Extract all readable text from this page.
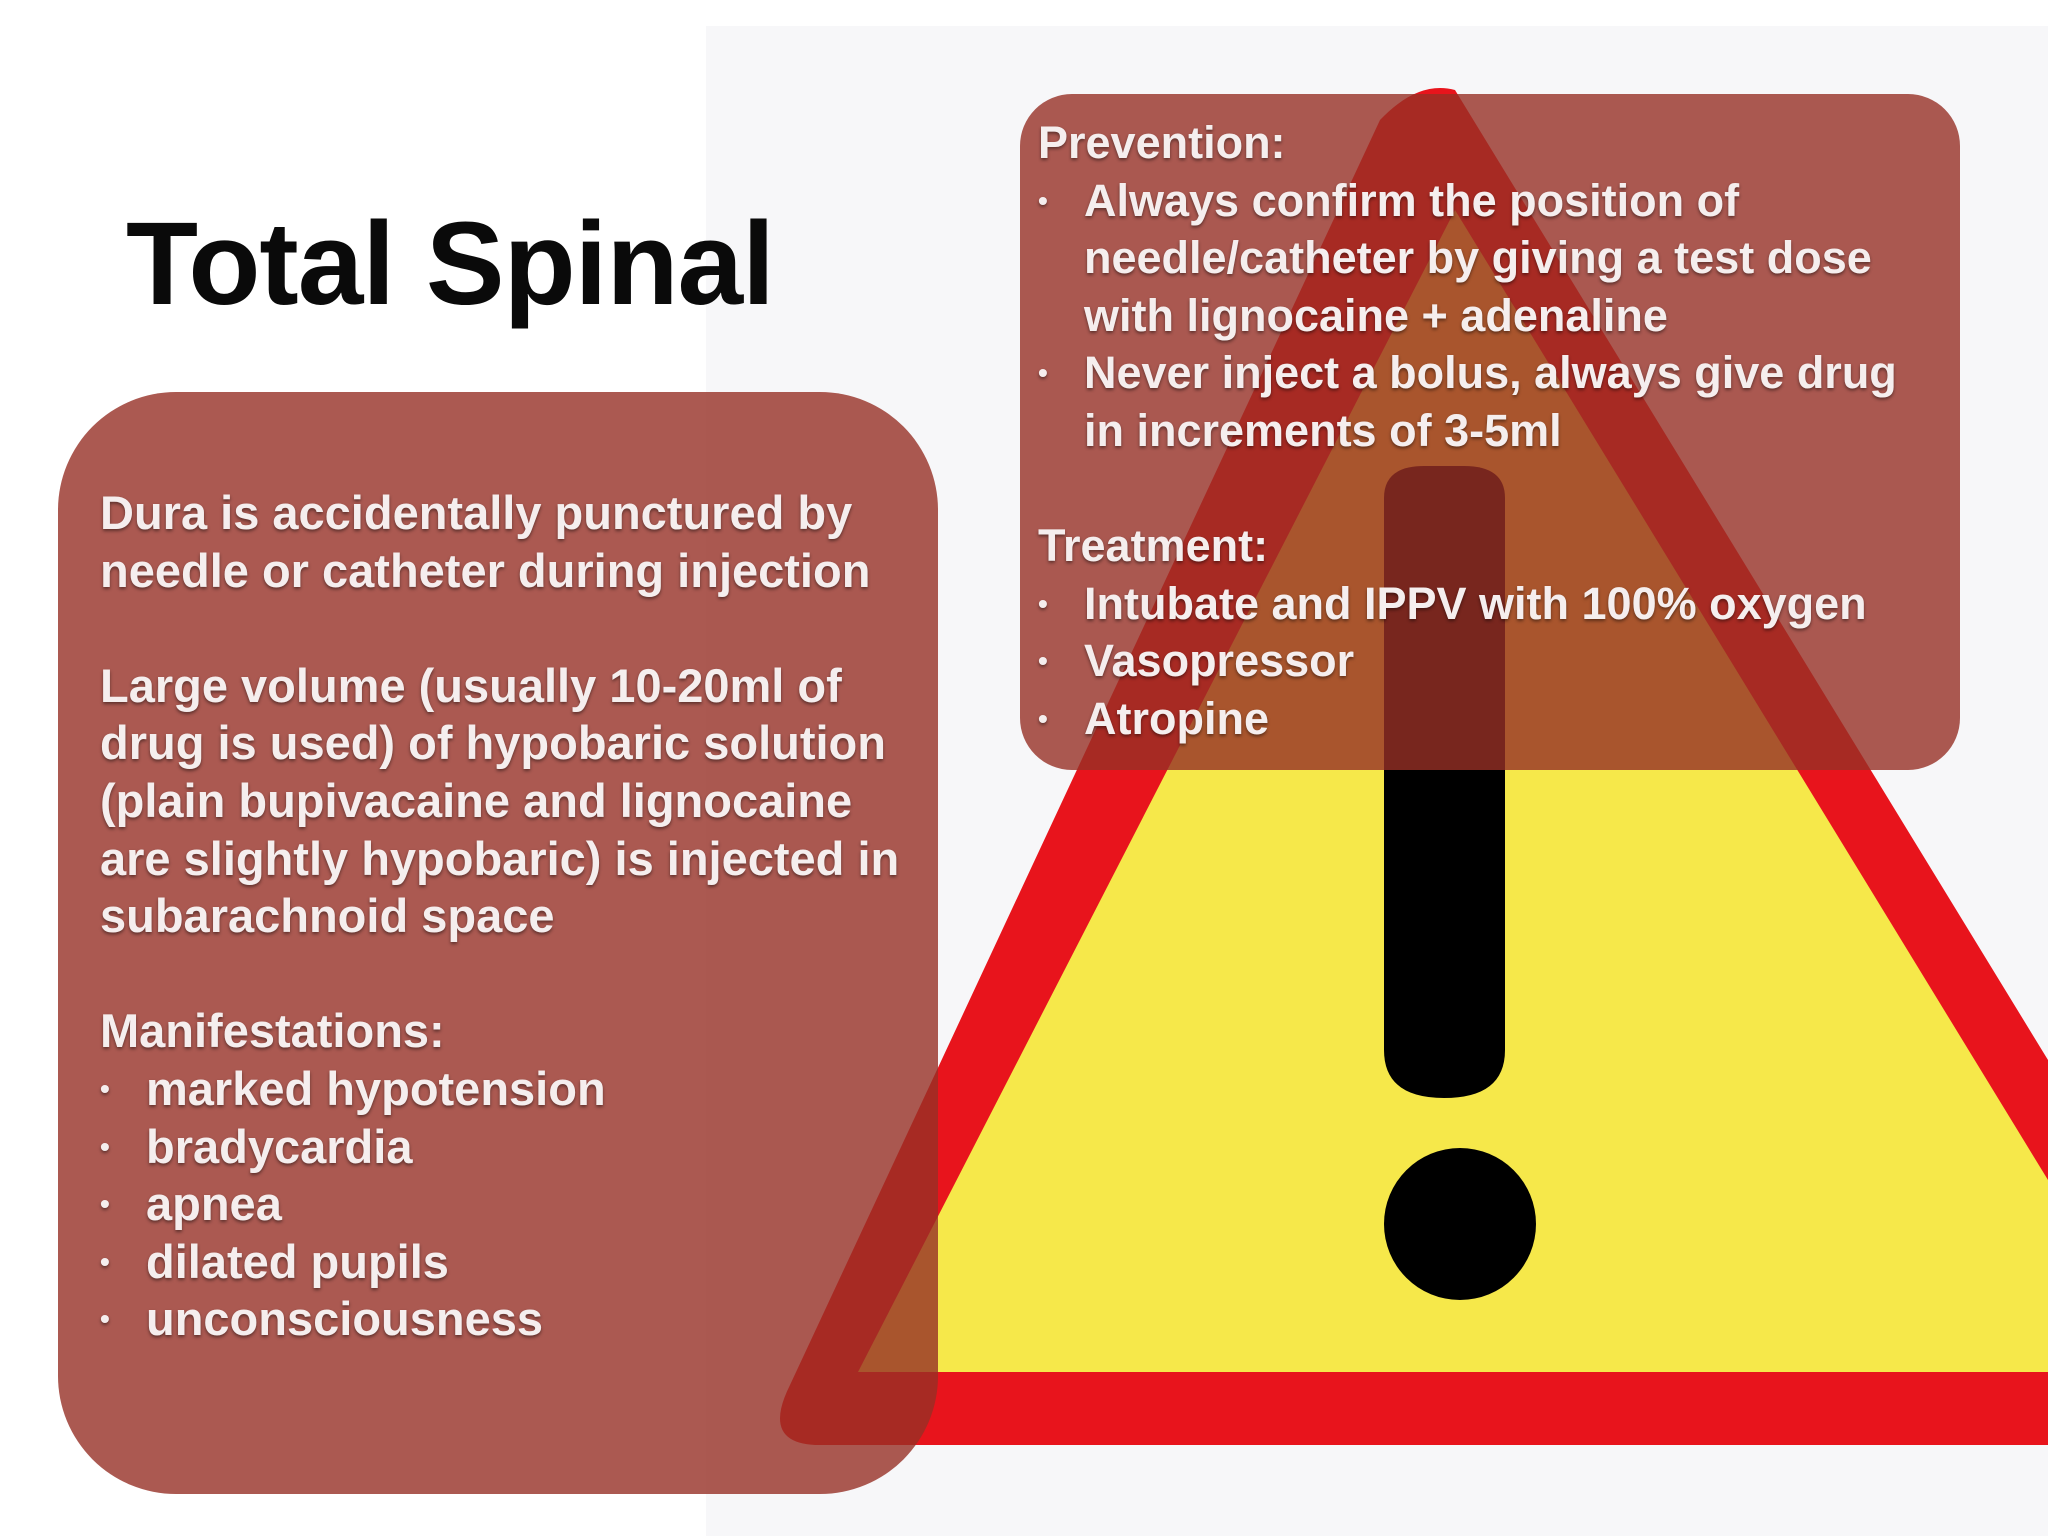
Total Spinal

Dura is accidentally punctured by needle or catheter during injection

Large volume (usually 10-20ml of drug is used) of hypobaric solution (plain bupivacaine and lignocaine are slightly hypobaric) is injected in subarachnoid space

Manifestations:

• marked hypotension
• bradycardia
• apnea
• dilated pupils
• unconsciousness

Prevention:

• Always confirm the position of needle/catheter by giving a test dose with lignocaine + adenaline
• Never inject a bolus, always give drug in increments of 3-5ml

Treatment:

• Intubate and IPPV with 100% oxygen
• Vasopressor
• Atropine
